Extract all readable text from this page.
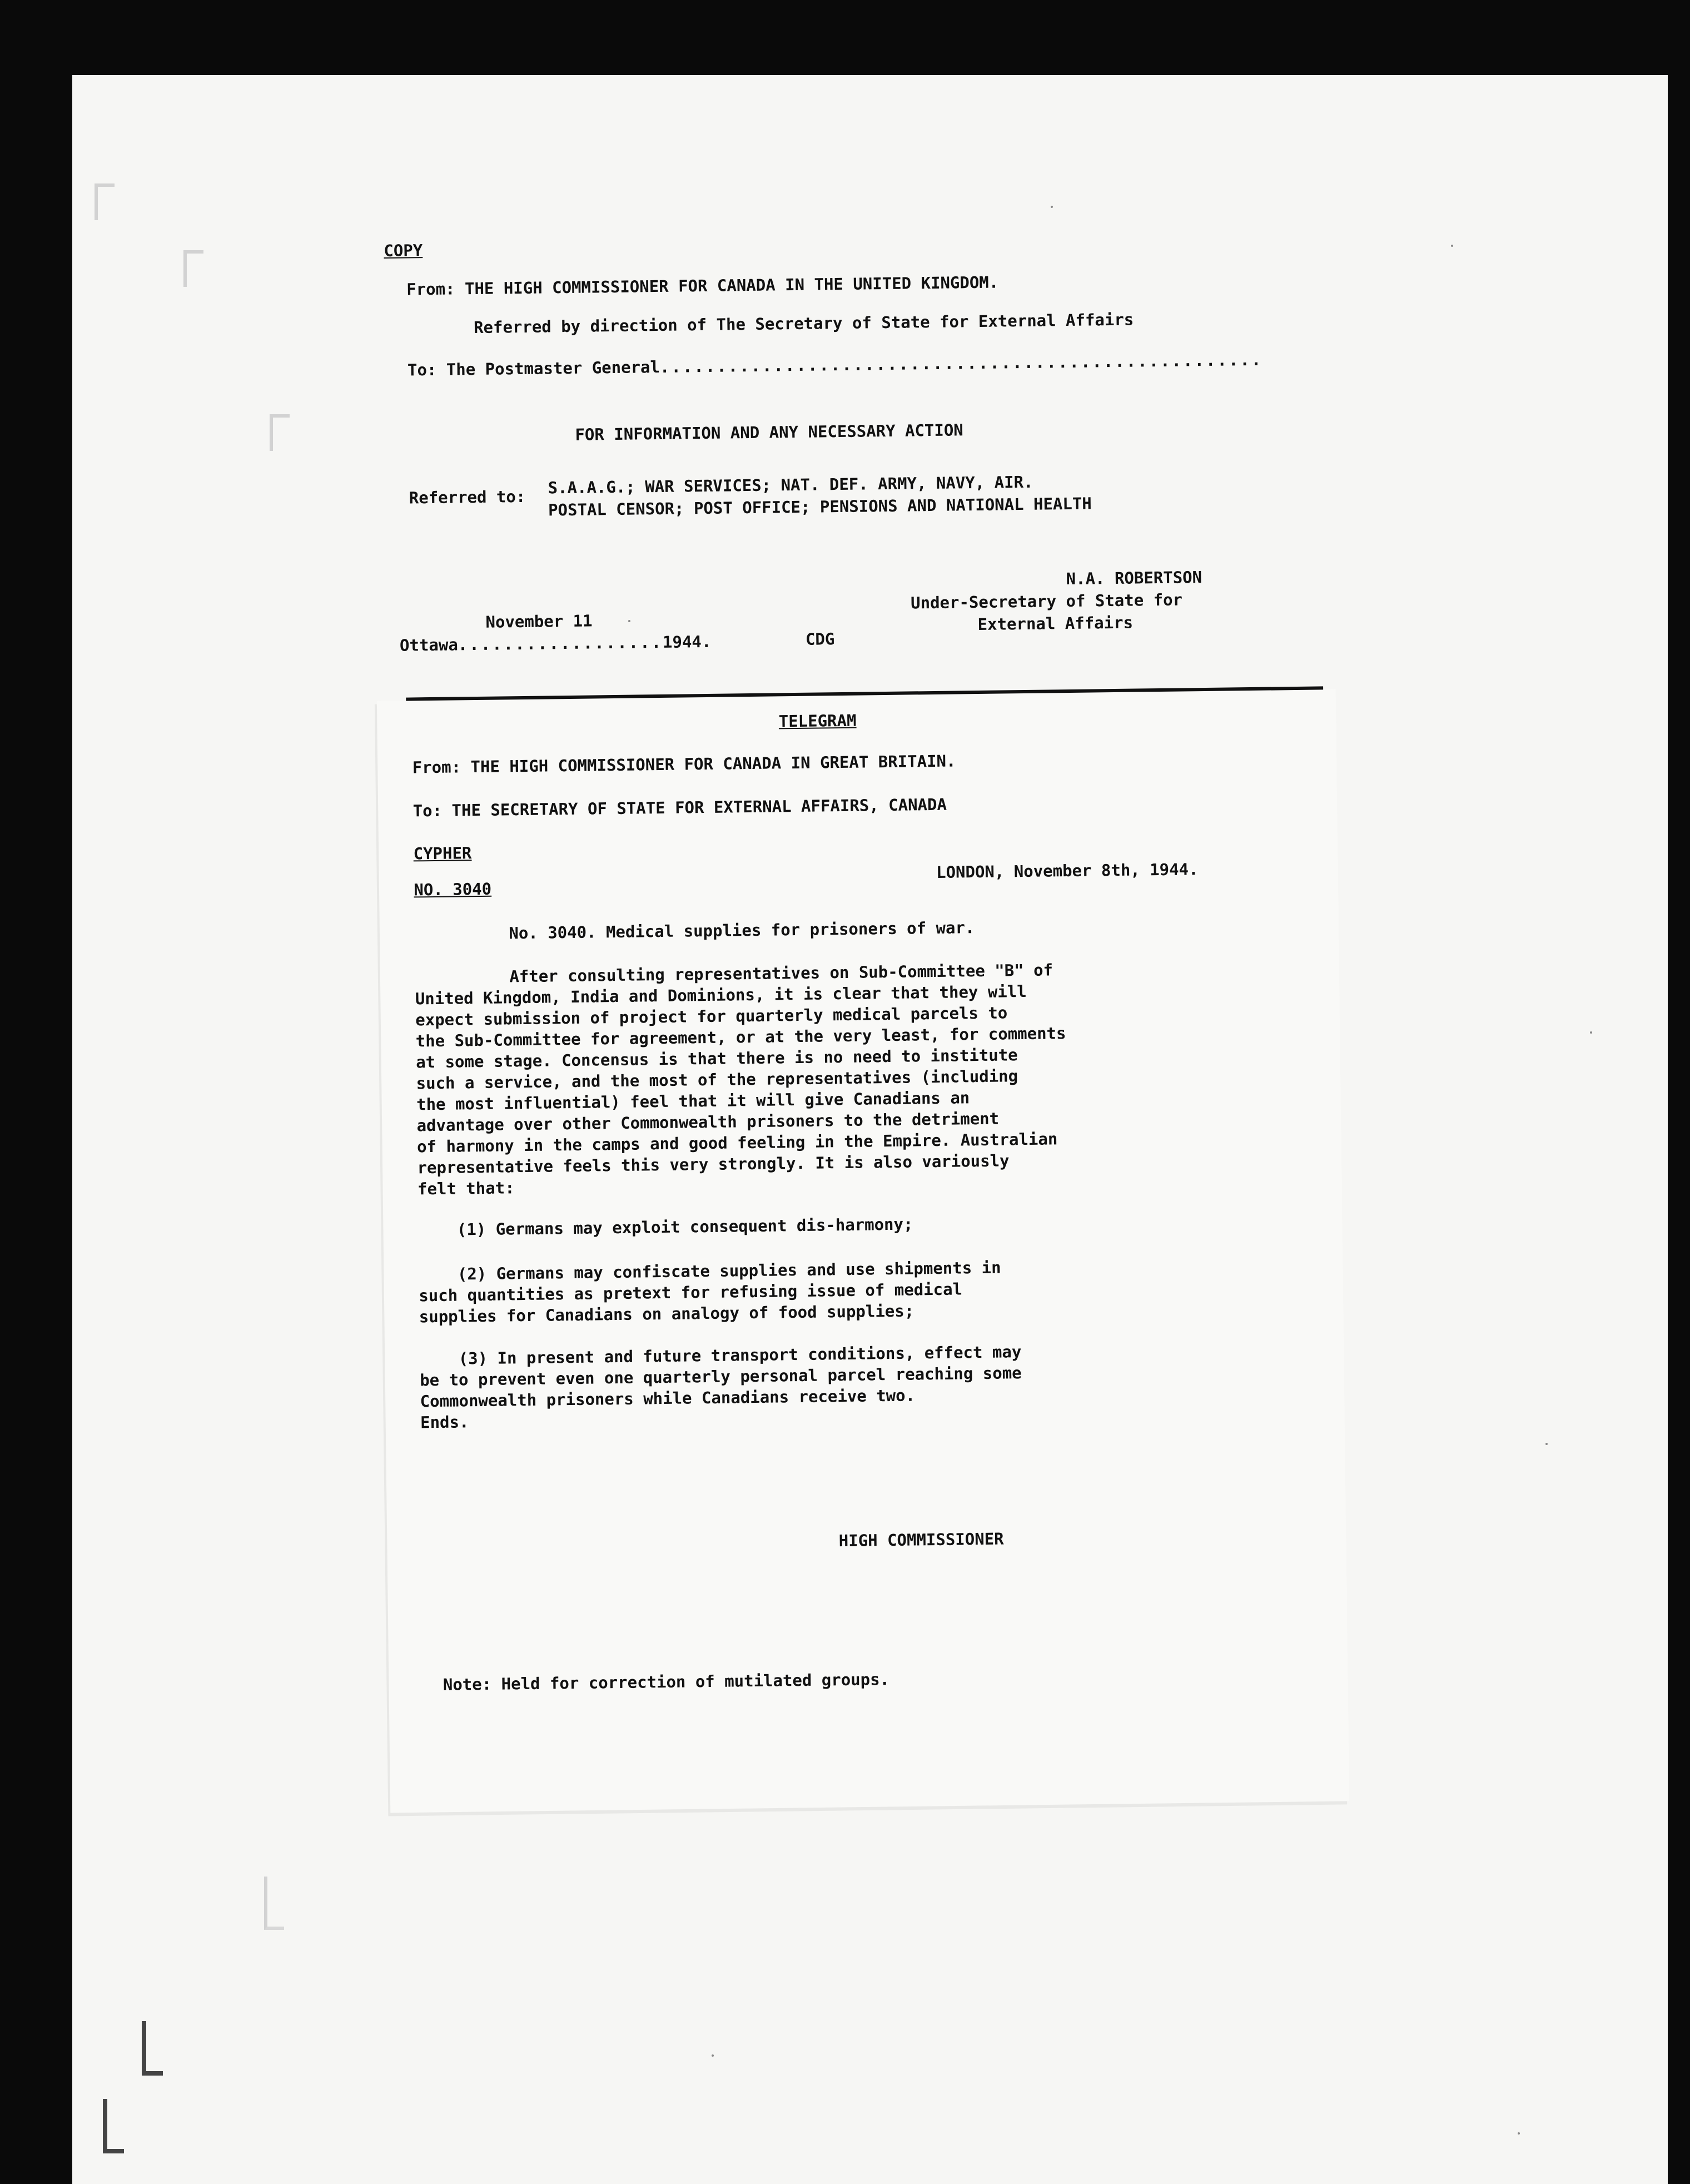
COPY
From: THE HIGH COMMISSIONER FOR CANADA IN THE UNITED KINGDOM.
Referred by direction of The Secretary of State for External Affairs
To: The Postmaster General.....................................................
FOR INFORMATION AND ANY NECESSARY ACTION
Referred to: S.A.A.G.; WAR SERVICES; NAT. DEF. ARMY, NAVY, AIR.
POSTAL CENSOR; POST OFFICE; PENSIONS AND NATIONAL HEALTH
N.A. ROBERTSON
Under-Secretary of State for
External Affairs
November 11
Ottawa..................1944.	CDG
TELEGRAM
From: THE HIGH COMMISSIONER FOR CANADA IN GREAT BRITAIN.
To: THE SECRETARY OF STATE FOR EXTERNAL AFFAIRS, CANADA
CYPHER
NO. 3040
LONDON, November 8th, 1944.
No. 3040. Medical supplies for prisoners of war.
After consulting representatives on Sub-Committee "B" of
United Kingdom, India and Dominions, it is clear that they will
expect submission of project for quarterly medical parcels to
the Sub-Committee for agreement, or at the very least, for comments
at some stage. Concensus is that there is no need to institute
such a service, and the most of the representatives (including
the most influential) feel that it will give Canadians an
advantage over other Commonwealth prisoners to the detriment
of harmony in the camps and good feeling in the Empire. Australian
representative feels this very strongly. It is also variously
felt that:
(1) Germans may exploit consequent dis-harmony;
(2) Germans may confiscate supplies and use shipments in
such quantities as pretext for refusing issue of medical
supplies for Canadians on analogy of food supplies;
(3) In present and future transport conditions, effect may
be to prevent even one quarterly personal parcel reaching some
Commonwealth prisoners while Canadians receive two.
Ends.
HIGH COMMISSIONER
Note: Held for correction of mutilated groups.
